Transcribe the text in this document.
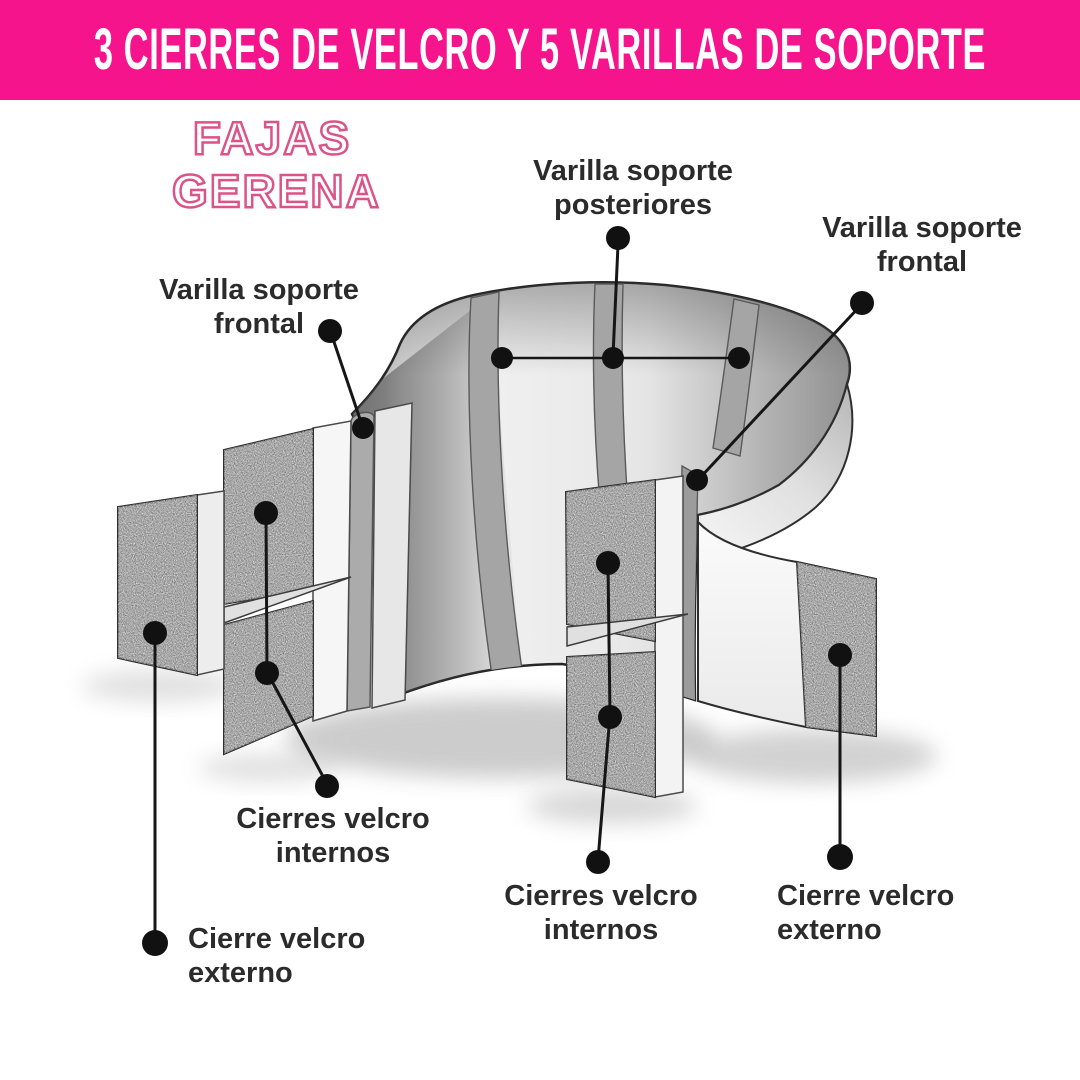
3 CIERRES DE VELCRO Y 5 VARILLAS DE SOPORTE
FAJAS
GERENA	Varilla soporte
posteriores
Varilla soporte
frontal
Varilla soporte
frontal
Cierres velcro
internos
Cierre velcro
externo
Cierres velcro
internos
Cierre velcro
externo
